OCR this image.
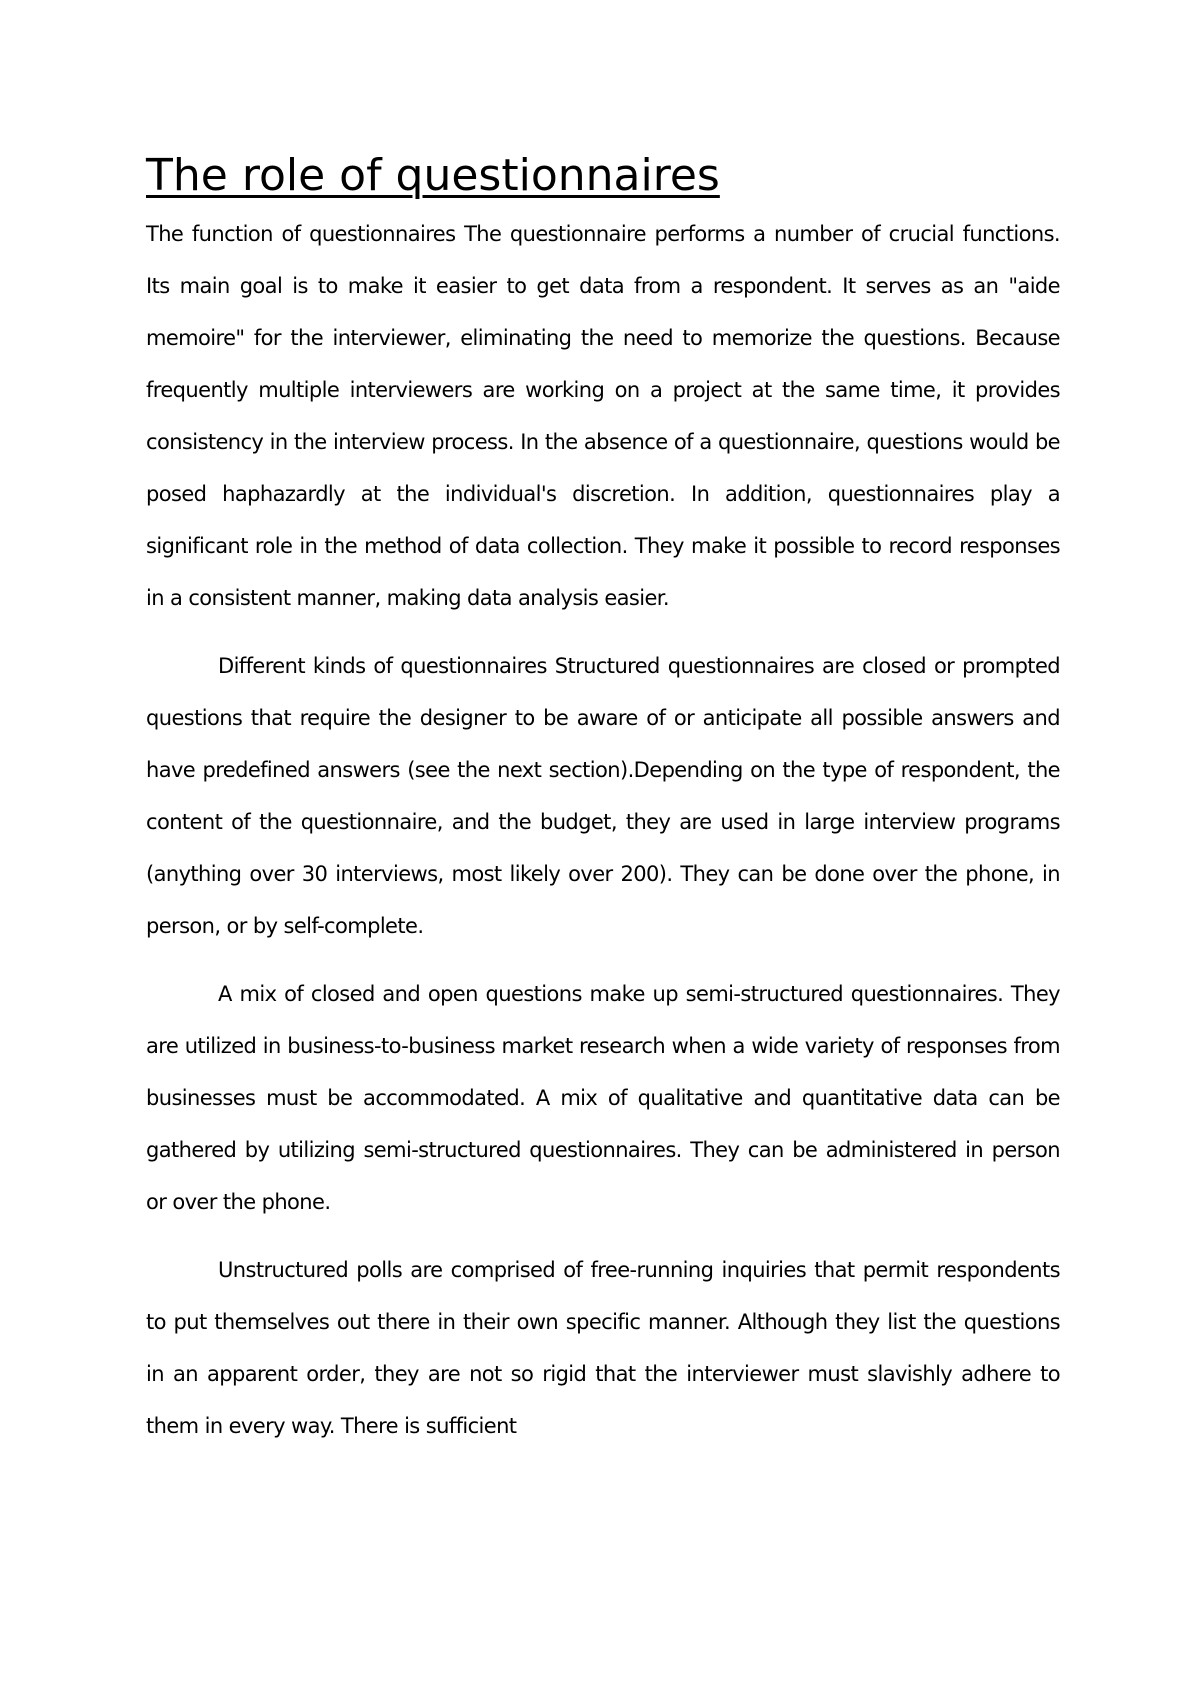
The role of questionnaires

The function of questionnaires The questionnaire performs a number of crucial functions. Its main goal is to make it easier to get data from a respondent. It serves as an "aide memoire" for the interviewer, eliminating the need to memorize the questions. Because frequently multiple interviewers are working on a project at the same time, it provides consistency in the interview process. In the absence of a questionnaire, questions would be posed haphazardly at the individual's discretion. In addition, questionnaires play a significant role in the method of data collection. They make it possible to record responses in a consistent manner, making data analysis easier.

Different kinds of questionnaires Structured questionnaires are closed or prompted questions that require the designer to be aware of or anticipate all possible answers and have predefined answers (see the next section).Depending on the type of respondent, the content of the questionnaire, and the budget, they are used in large interview programs (anything over 30 interviews, most likely over 200). They can be done over the phone, in person, or by self-complete.

A mix of closed and open questions make up semi-structured questionnaires. They are utilized in business-to-business market research when a wide variety of responses from businesses must be accommodated. A mix of qualitative and quantitative data can be gathered by utilizing semi-structured questionnaires. They can be administered in person or over the phone.

Unstructured polls are comprised of free-running inquiries that permit respondents to put themselves out there in their own specific manner. Although they list the questions in an apparent order, they are not so rigid that the interviewer must slavishly adhere to them in every way. There is sufficient
